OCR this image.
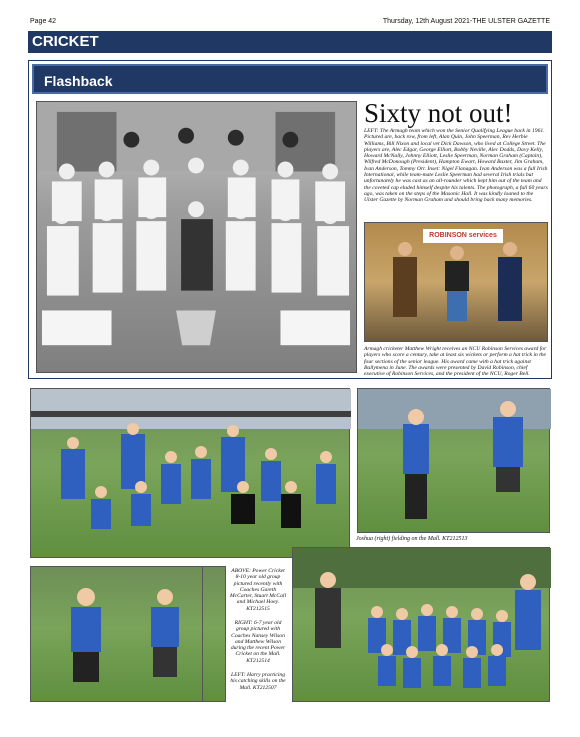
Page 42	Thursday, 12th August 2021-THE ULSTER GAZETTE
CRICKET
Flashback
Sixty not out!
LEFT: The Armagh team which won the Senior Qualifying League back in 1961. Pictured are, back row, from left, Alan Quin, John Speerman, Rev Herbie Williams, Bill Nixon and local vet Dick Dawson, who lived at College Street. The players are, Alec Edgar, George Elliott, Bobby Neville, Alec Dodds, Davy Kelly, Howard McNally, Johnny Elliott, Leslie Speerman, Norman Graham (Captain), Wilfred McDonough (President), Hampton Ewart, Howard Baxter, Jim Graham, Ivan Anderson, Tommy Orr. Inset: Nigel Flanagan. Ivan Anderson was a full Irish International, while team-mate Leslie Speerman had several Irish trials but unfortunately he was cast as an all-rounder which kept him out of the team and the coveted cap eluded himself despite his talents. The photograph, a full 60 years ago, was taken on the steps of the Masonic Hall. It was kindly loaned to the Ulster Gazette by Norman Graham and should bring back many memories.
ROBINSON services
Armagh cricketer Matthew Wright receives an NCU Robinson Services award for players who score a century, take at least six wickets or perform a hat trick in the four sections of the senior league. His award came with a hat trick against Ballymena in June. The awards were presented by David Robinson, chief executive of Robinson Services, and the president of the NCU, Roger Bell.
Joshua (right) fielding on the Mall. KT212513
ABOVE: Power Cricket 8-10 year old group pictured recently with Coaches Gareth McCarter, Stuart McCall and Michael Hoey. KT212515
RIGHT: 6-7 year old group pictured with Coaches Nansey Wilson and Matthew Wilson during the recent Power Cricket on the Mall. KT212514
LEFT: Harry practicing his catching skills on the Mall. KT212507
